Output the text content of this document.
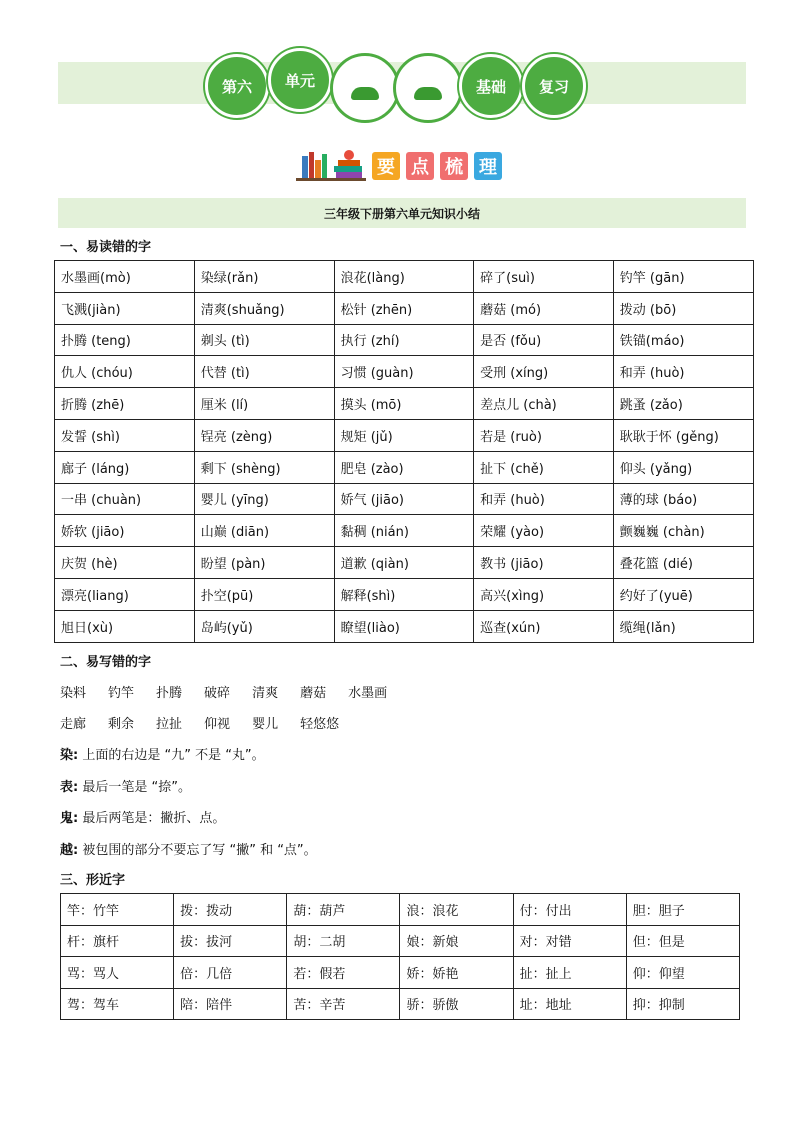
第六	单元	基础	复习
要 点 梳 理
三年级下册第六单元知识小结
一、易读错的字
水墨画(mò)	染绿(rǎn)	浪花(làng)	碎了(suì)	钓竿 (gān)
飞溅(jiàn)	清爽(shuǎng)	松针 (zhēn)	蘑菇 (mó)	拨动 (bō)
扑腾 (teng)	剃头 (tì)	执行 (zhí)	是否 (fǒu)	铁锚(máo)
仇人 (chóu)	代替 (tì)	习惯 (guàn)	受刑 (xíng)	和弄 (huò)
折腾 (zhē)	厘米 (lí)	摸头 (mō)	差点儿 (chà)	跳蚤 (zǎo)
发誓 (shì)	锃亮 (zèng)	规矩 (jǔ)	若是 (ruò)	耿耿于怀 (gěng)
廊子 (láng)	剩下 (shèng)	肥皂 (zào)	扯下 (chě)	仰头 (yǎng)
一串 (chuàn)	婴儿 (yīng)	娇气 (jiāo)	和弄 (huò)	薄的球 (báo)
娇软 (jiāo)	山巅 (diān)	黏稠 (nián)	荣耀 (yào)	颤巍巍 (chàn)
庆贺 (hè)	盼望 (pàn)	道歉 (qiàn)	教书 (jiāo)	叠花篮 (dié)
漂亮(liang)	扑空(pū)	解释(shì)	高兴(xìng)	约好了(yuē)
旭日(xù)	岛屿(yǔ)	瞭望(liào)	巡查(xún)	缆绳(lǎn)
二、易写错的字
染料 钓竿 扑腾 破碎 清爽 蘑菇 水墨画
走廊 剩余 拉扯 仰视 婴儿 轻悠悠
染: 上面的右边是 “九” 不是 “丸”。
表: 最后一笔是 “捺”。
鬼: 最后两笔是：撇折、点。
越: 被包围的部分不要忘了写 “撇” 和 “点”。
三、形近字
竿：竹竿	拨：拨动	葫：葫芦	浪：浪花	付：付出	胆：胆子
杆：旗杆	拔：拔河	胡：二胡	娘：新娘	对：对错	但：但是
骂：骂人	倍：几倍	若：假若	娇：娇艳	扯：扯上	仰：仰望
驾：驾车	陪：陪伴	苦：辛苦	骄：骄傲	址：地址	抑：抑制
